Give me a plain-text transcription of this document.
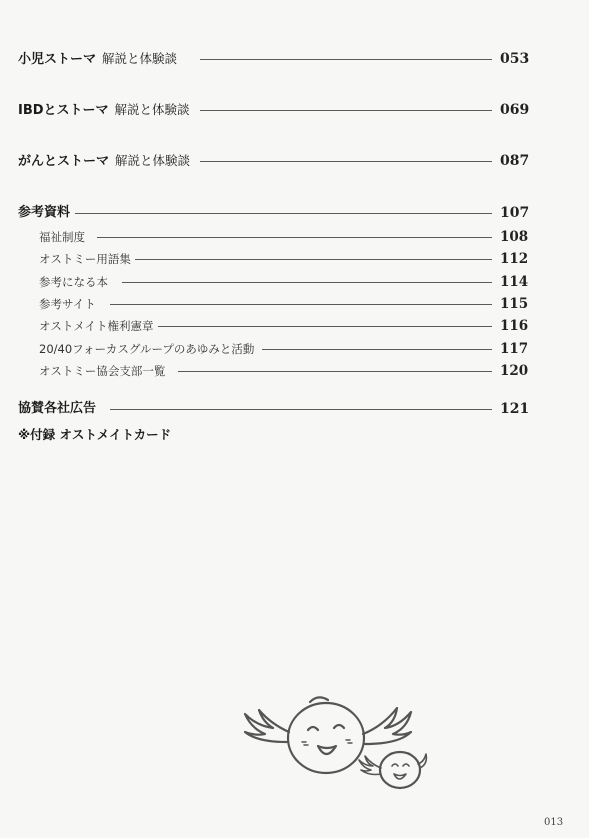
小児ストーマ 解説と体験談	053
IBDとストーマ 解説と体験談	069
がんとストーマ 解説と体験談	087
参考資料	107
福祉制度	108
オストミー用語集	112
参考になる本	114
参考サイト	115
オストメイト権利憲章	116
20/40フォーカスグループのあゆみと活動	117
オストミー協会支部一覧	120
協賛各社広告	121
※付録 オストメイトカード
013
